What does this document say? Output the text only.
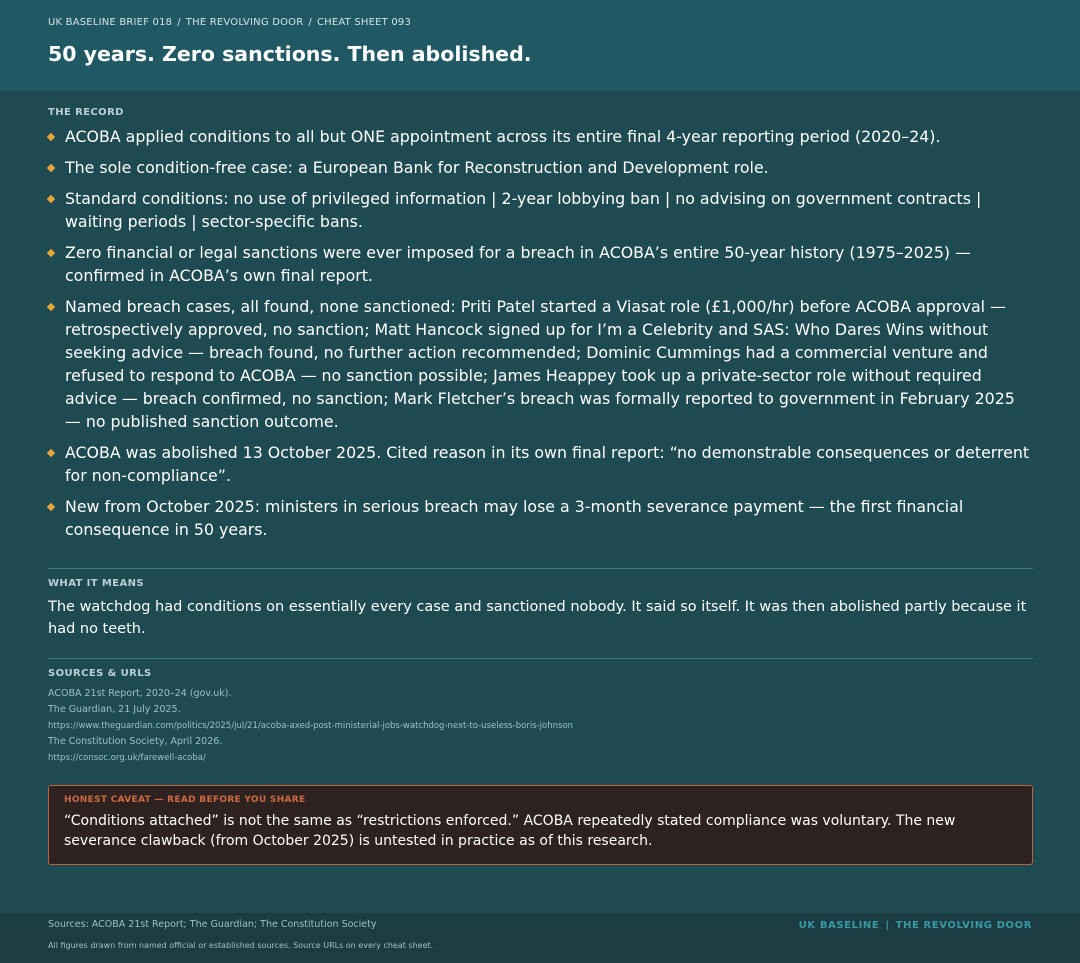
UK BASELINE BRIEF 018 / THE REVOLVING DOOR / CHEAT SHEET 093
50 years. Zero sanctions. Then abolished.
THE RECORD
ACOBA applied conditions to all but ONE appointment across its entire final 4-year reporting period (2020–24).
The sole condition-free case: a European Bank for Reconstruction and Development role.
Standard conditions: no use of privileged information | 2-year lobbying ban | no advising on government contracts | waiting periods | sector-specific bans.
Zero financial or legal sanctions were ever imposed for a breach in ACOBA’s entire 50-year history (1975–2025) — confirmed in ACOBA’s own final report.
Named breach cases, all found, none sanctioned: Priti Patel started a Viasat role (£1,000/hr) before ACOBA approval — retrospectively approved, no sanction; Matt Hancock signed up for I’m a Celebrity and SAS: Who Dares Wins without seeking advice — breach found, no further action recommended; Dominic Cummings had a commercial venture and refused to respond to ACOBA — no sanction possible; James Heappey took up a private-sector role without required advice — breach confirmed, no sanction; Mark Fletcher’s breach was formally reported to government in February 2025 — no published sanction outcome.
ACOBA was abolished 13 October 2025. Cited reason in its own final report: “no demonstrable consequences or deterrent for non-compliance”.
New from October 2025: ministers in serious breach may lose a 3-month severance payment — the first financial consequence in 50 years.
WHAT IT MEANS
The watchdog had conditions on essentially every case and sanctioned nobody. It said so itself. It was then abolished partly because it had no teeth.
SOURCES & URLS
ACOBA 21st Report, 2020–24 (gov.uk).
The Guardian, 21 July 2025.
https://www.theguardian.com/politics/2025/jul/21/acoba-axed-post-ministerial-jobs-watchdog-next-to-useless-boris-johnson
The Constitution Society, April 2026.
https://consoc.org.uk/farewell-acoba/
HONEST CAVEAT — READ BEFORE YOU SHARE
“Conditions attached” is not the same as “restrictions enforced.” ACOBA repeatedly stated compliance was voluntary. The new severance clawback (from October 2025) is untested in practice as of this research.
Sources: ACOBA 21st Report; The Guardian; The Constitution Society
All figures drawn from named official or established sources. Source URLs on every cheat sheet.
UK BASELINE | THE REVOLVING DOOR
